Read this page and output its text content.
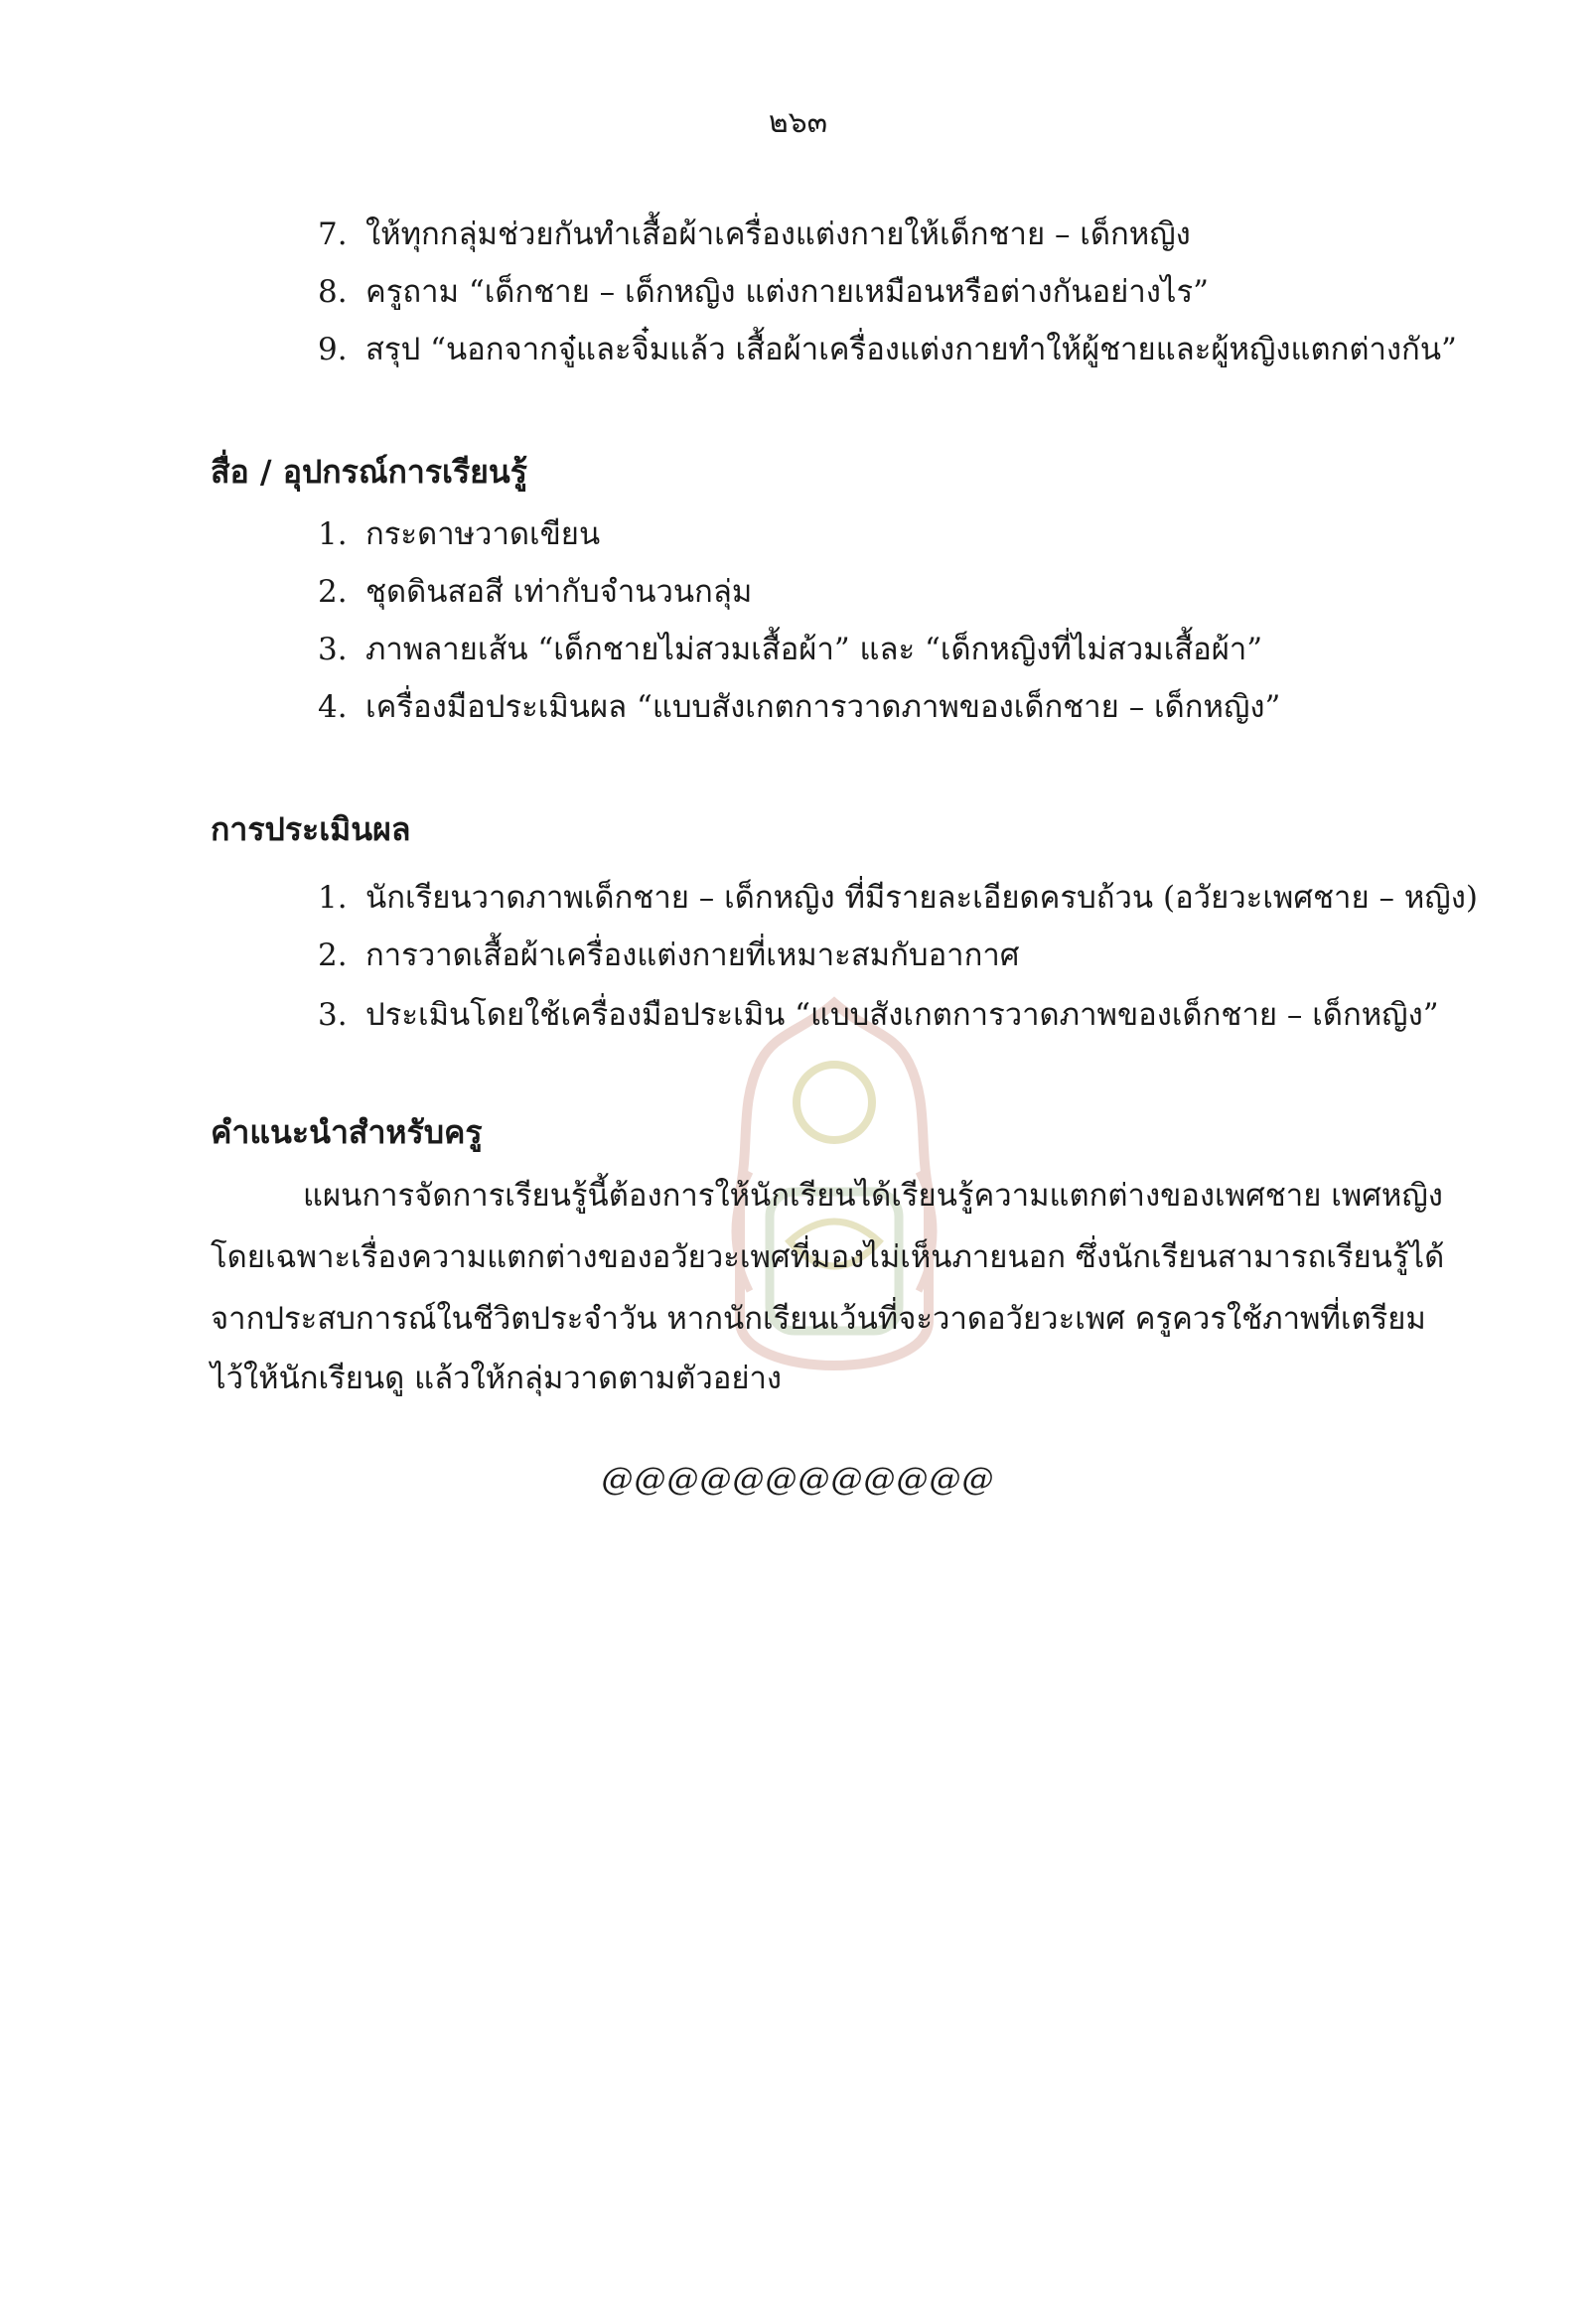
๒๖๓
7. ให้ทุกกลุ่มช่วยกันทำเสื้อผ้าเครื่องแต่งกายให้เด็กชาย – เด็กหญิง
8. ครูถาม “เด็กชาย – เด็กหญิง แต่งกายเหมือนหรือต่างกันอย่างไร”
9. สรุป “นอกจากจู๋และจิ๋มแล้ว เสื้อผ้าเครื่องแต่งกายทำให้ผู้ชายและผู้หญิงแตกต่างกัน”
สื่อ / อุปกรณ์การเรียนรู้
1. กระดาษวาดเขียน
2. ชุดดินสอสี เท่ากับจำนวนกลุ่ม
3. ภาพลายเส้น “เด็กชายไม่สวมเสื้อผ้า” และ “เด็กหญิงที่ไม่สวมเสื้อผ้า”
4. เครื่องมือประเมินผล “แบบสังเกตการวาดภาพของเด็กชาย – เด็กหญิง”
การประเมินผล
1. นักเรียนวาดภาพเด็กชาย – เด็กหญิง ที่มีรายละเอียดครบถ้วน (อวัยวะเพศชาย – หญิง)
2. การวาดเสื้อผ้าเครื่องแต่งกายที่เหมาะสมกับอากาศ
3. ประเมินโดยใช้เครื่องมือประเมิน “แบบสังเกตการวาดภาพของเด็กชาย – เด็กหญิง”
คำแนะนำสำหรับครู
แผนการจัดการเรียนรู้นี้ต้องการให้นักเรียนได้เรียนรู้ความแตกต่างของเพศชาย เพศหญิง
โดยเฉพาะเรื่องความแตกต่างของอวัยวะเพศที่มองไม่เห็นภายนอก ซึ่งนักเรียนสามารถเรียนรู้ได้
จากประสบการณ์ในชีวิตประจำวัน หากนักเรียนเว้นที่จะวาดอวัยวะเพศ ครูควรใช้ภาพที่เตรียม
ไว้ให้นักเรียนดู แล้วให้กลุ่มวาดตามตัวอย่าง
@@@@@@@@@@@@
